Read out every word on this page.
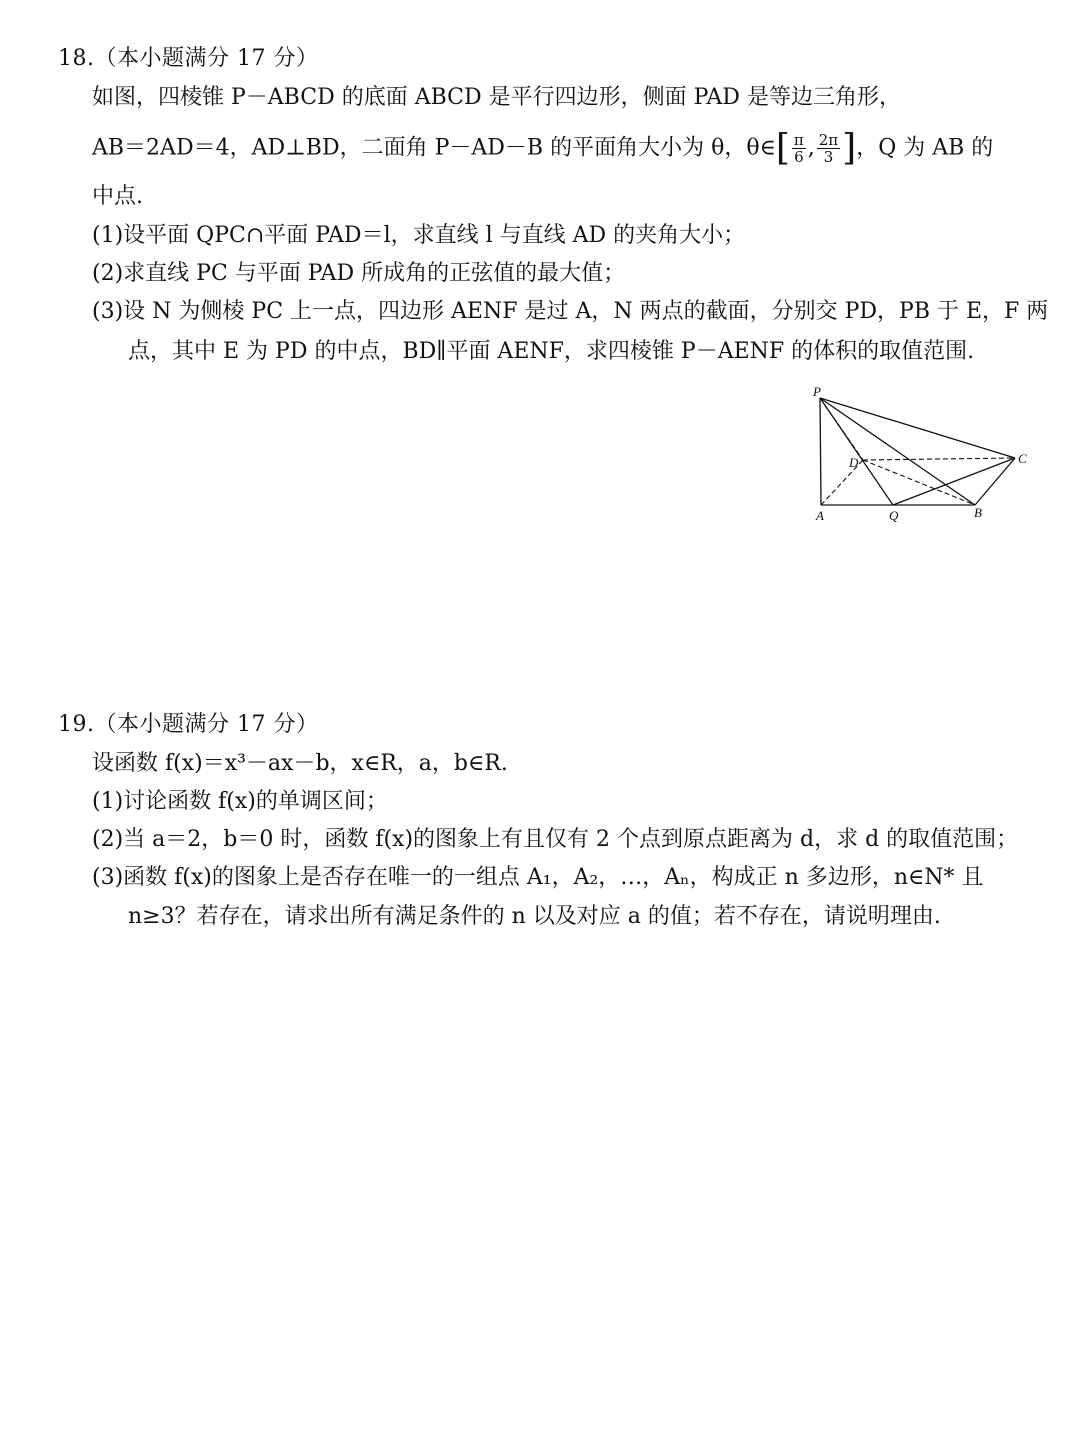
18.（本小题满分 17 分）
如图，四棱锥 P－ABCD 的底面 ABCD 是平行四边形，侧面 PAD 是等边三角形，
AB＝2AD＝4，AD⊥BD，二面角 P－AD－B 的平面角大小为 θ，θ∈[ $\frac{\pi}{6}$ , $\frac{2\pi}{3}$ ]，Q 为 AB 的
中点.
(1)设平面 QPC∩平面 PAD＝l，求直线 l 与直线 AD 的夹角大小；
(2)求直线 PC 与平面 PAD 所成角的正弦值的最大值；
(3)设 N 为侧棱 PC 上一点，四边形 AENF 是过 A，N 两点的截面，分别交 PD，PB 于 E，F 两
点，其中 E 为 PD 的中点，BD∥平面 AENF，求四棱锥 P－AENF 的体积的取值范围.
P
D	C
A	Q	B
19.（本小题满分 17 分）
设函数 f(x)＝x³－ax－b，x∈R，a，b∈R.
(1)讨论函数 f(x)的单调区间；
(2)当 a＝2，b＝0 时，函数 f(x)的图象上有且仅有 2 个点到原点距离为 d，求 d 的取值范围；
(3)函数 f(x)的图象上是否存在唯一的一组点 A₁，A₂，…，Aₙ，构成正 n 多边形，n∈N* 且
n≥3？若存在，请求出所有满足条件的 n 以及对应 a 的值；若不存在，请说明理由.
